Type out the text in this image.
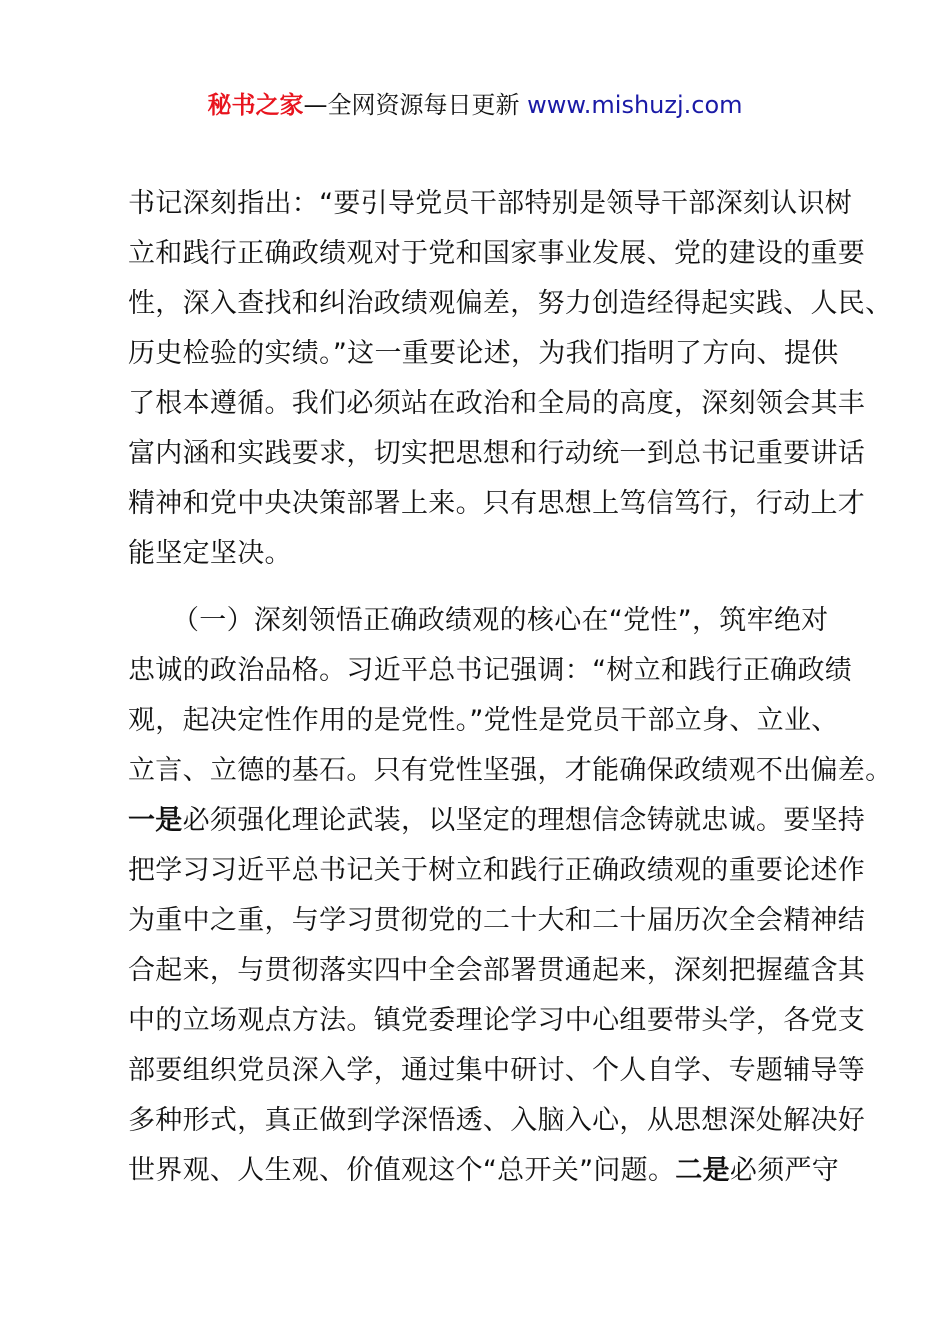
秘书之家—全网资源每日更新 www.mishuzj.com
书记深刻指出：“要引导党员干部特别是领导干部深刻认识树
立和践行正确政绩观对于党和国家事业发展、党的建设的重要
性，深入查找和纠治政绩观偏差，努力创造经得起实践、人民、
历史检验的实绩。”这一重要论述，为我们指明了方向、提供
了根本遵循。我们必须站在政治和全局的高度，深刻领会其丰
富内涵和实践要求，切实把思想和行动统一到总书记重要讲话
精神和党中央决策部署上来。只有思想上笃信笃行，行动上才
能坚定坚决。
（一）深刻领悟正确政绩观的核心在“党性”，筑牢绝对
忠诚的政治品格。习近平总书记强调：“树立和践行正确政绩
观，起决定性作用的是党性。”党性是党员干部立身、立业、
立言、立德的基石。只有党性坚强，才能确保政绩观不出偏差。
一是必须强化理论武装，以坚定的理想信念铸就忠诚。要坚持
把学习习近平总书记关于树立和践行正确政绩观的重要论述作
为重中之重，与学习贯彻党的二十大和二十届历次全会精神结
合起来，与贯彻落实四中全会部署贯通起来，深刻把握蕴含其
中的立场观点方法。镇党委理论学习中心组要带头学，各党支
部要组织党员深入学，通过集中研讨、个人自学、专题辅导等
多种形式，真正做到学深悟透、入脑入心，从思想深处解决好
世界观、人生观、价值观这个“总开关”问题。二是必须严守
